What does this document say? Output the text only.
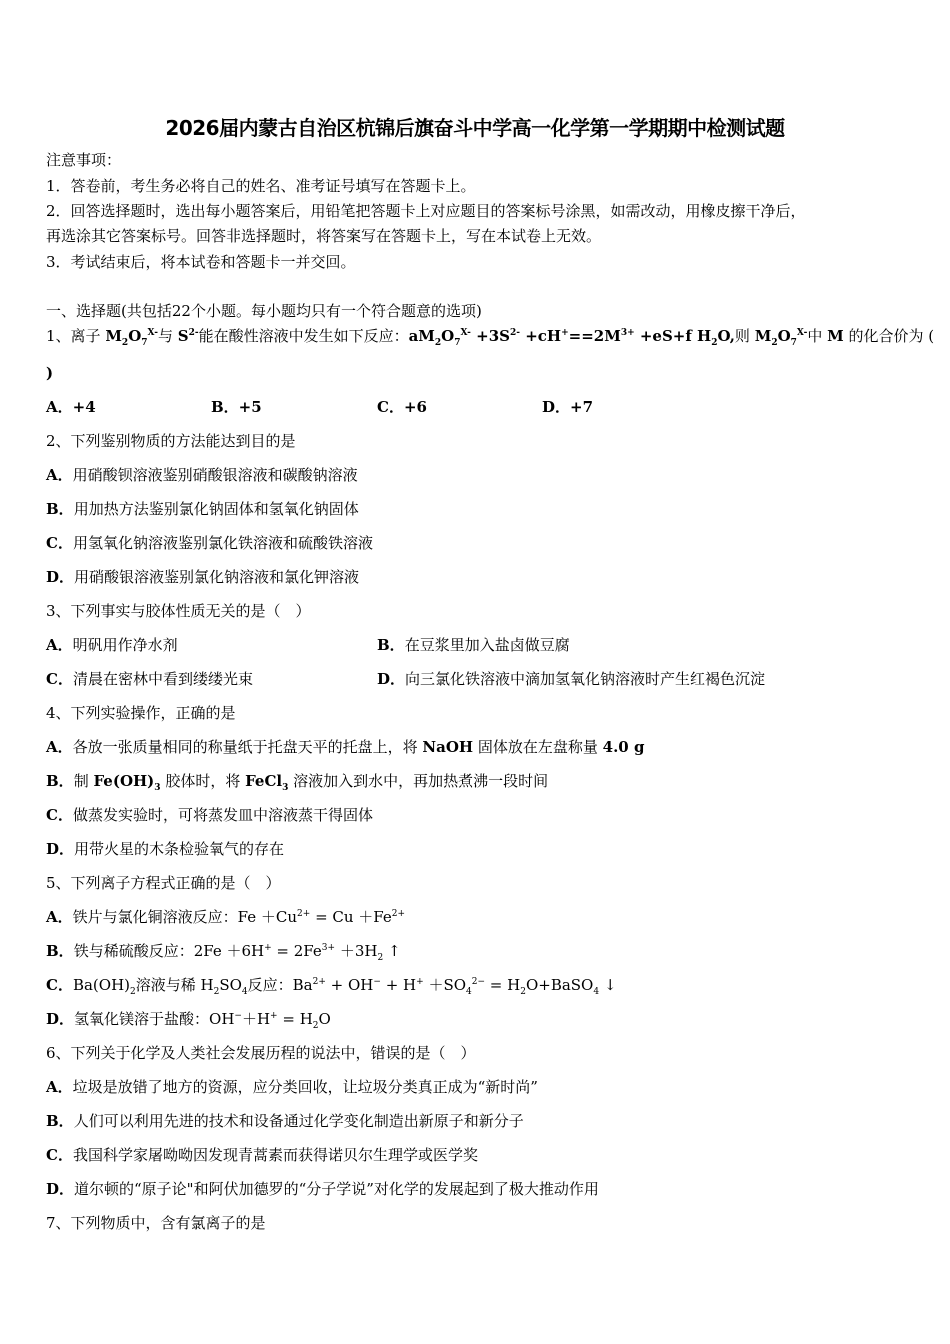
2026届内蒙古自治区杭锦后旗奋斗中学高一化学第一学期期中检测试题
注意事项：
1．答卷前，考生务必将自己的姓名、准考证号填写在答题卡上。
2．回答选择题时，选出每小题答案后，用铅笔把答题卡上对应题目的答案标号涂黑，如需改动，用橡皮擦干净后，
再选涂其它答案标号。回答非选择题时，将答案写在答题卡上，写在本试卷上无效。
3．考试结束后，将本试卷和答题卡一并交回。
1、离子 $M_2O_7^{X-}$与 $S^{2-}$能在酸性溶液中发生如下反应：$aM_2O_7^{X-} +3S^{2-} +cH^+==2M^{3+} +eS+f$ $H_2O$,则 $M_2O_7^{X-}$中 M 的化合价为 (
)
A．+4	B．+5	C．+6	D．+7
2、下列鉴别物质的方法能达到目的是
A．用硝酸钡溶液鉴别硝酸银溶液和碳酸钠溶液
B．用加热方法鉴别氯化钠固体和氢氧化钠固体
C．用氢氧化钠溶液鉴别氯化铁溶液和硫酸铁溶液
D．用硝酸银溶液鉴别氯化钠溶液和氯化钾溶液
3、下列事实与胶体性质无关的是（　）
A．明矾用作净水剂	B．在豆浆里加入盐卤做豆腐
C．清晨在密林中看到缕缕光束	D．向三氯化铁溶液中滴加氢氧化钠溶液时产生红褐色沉淀
4、下列实验操作，正确的是
A．各放一张质量相同的称量纸于托盘天平的托盘上，将 NaOH 固体放在左盘称量 4.0 g
B．制 $Fe(OH)_3$ 胶体时，将 FeCl$_3$ 溶液加入到水中，再加热煮沸一段时间
C．做蒸发实验时，可将蒸发皿中溶液蒸干得固体
D．用带火星的木条检验氧气的存在
5、下列离子方程式正确的是（　）
A．铁片与氯化铜溶液反应：$Fe +Cu^{2+} = Cu +Fe^{2+}$
B．铁与稀硫酸反应：$2Fe +6H^+ = 2Fe^{3+} +3H_2$ ↑
C．$Ba(OH)_2$溶液与稀 $H_2SO_4$反应：$Ba^{2+} + OH^- + H^+ +SO_4^{2-}$ = $H_2O+BaSO_4$ ↓
D．氢氧化镁溶于盐酸：$OH^-+H^+ = H_2O$
6、下列关于化学及人类社会发展历程的说法中，错误的是（　）
A．垃圾是放错了地方的资源，应分类回收，让垃圾分类真正成为“新时尚”
B．人们可以利用先进的技术和设备通过化学变化制造出新原子和新分子
C．我国科学家屠呦呦因发现青蒿素而获得诺贝尔生理学或医学奖
D．道尔顿的“原子论"和阿伏加德罗的“分子学说”对化学的发展起到了极大推动作用
7、下列物质中，含有氯离子的是
一、选择题(共包括22个小题。每小题均只有一个符合题意的选项)
